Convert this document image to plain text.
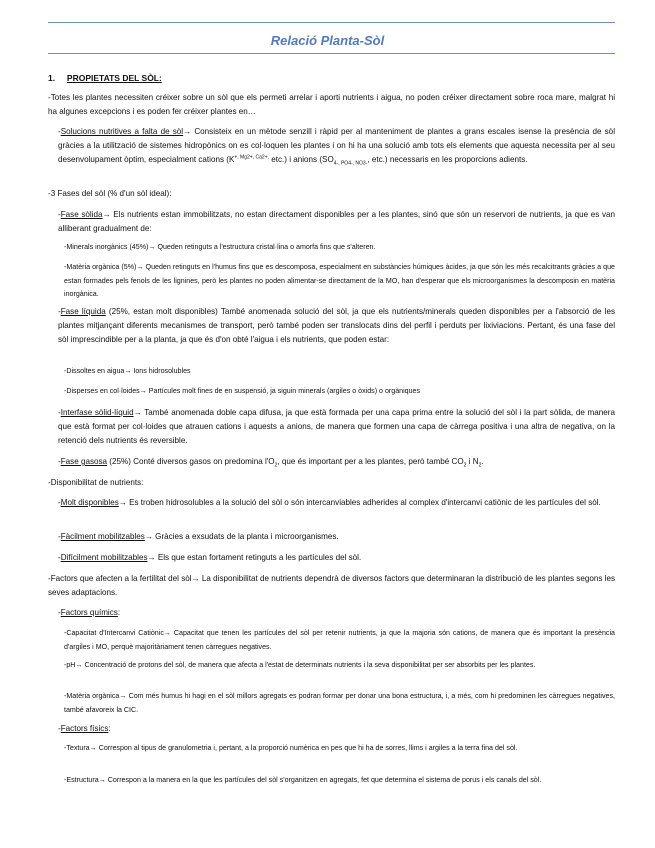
Relació Planta-Sòl
1. PROPIETATS DEL SÒL:
-Totes les plantes necessiten créixer sobre un sòl que els permeti arrelar i aporti nutrients i aigua, no poden créixer directament sobre roca mare, malgrat hi ha algunes excepcions i es poden fer créixer plantes en…
-Solucions nutritives a falta de sòl→ Consisteix en un mètode senzill i ràpid per al manteniment de plantes a grans escales isense la presència de sòl gràcies a la utilització de sistemes hidropònics on es col·loquen les plantes i on hi ha una solució amb tots els elements que aquesta necessita per al seu desenvolupament òptim, especialment cations ($K^{+, Mg2+, Ca2+,}$ etc.) i anions ($SO_{4-, PO4-, NO3-}$, etc.) necessaris en les proporcions adients.
-3 Fases del sòl (% d'un sòl ideal):
-Fase sòlida→ Els nutrients estan immobilitzats, no estan directament disponibles per a les plantes, sinó que són un reservori de nutrients, ja que es van alliberant gradualment de:
-Minerals inorgànics (45%)→ Queden retinguts a l'estructura cristal·lina o amorfa fins que s'alteren.
-Matèria orgànica (5%)→ Queden retinguts en l'humus fins que es descomposa, especialment en substàncies húmiques àcides, ja que són les més recalcitrants gràcies a que estan formades pels fenols de les lignines, però les plantes no poden alimentar-se directament de la MO, han d'esperar que els microorganismes la descomposin en matèria inorgànica.
-Fase líquida (25%, estan molt disponibles) També anomenada solució del sòl, ja que els nutrients/minerals queden disponibles per a l'absorció de les plantes mitjançant diferents mecanismes de transport, però també poden ser translocats dins del perfil i perduts per lixiviacions. Pertant, és una fase del sòl imprescindible per a la planta, ja que és d'on obté l'aigua i els nutrients, que poden estar:
-Dissoltes en aigua→ Ions hidrosolubles
-Disperses en col·loides→ Partícules molt fines de en suspensió, ja siguin minerals (argiles o òxids) o orgàniques
-Interfase sòlid-líquid→ També anomenada doble capa difusa, ja que està formada per una capa prima entre la solució del sòl i la part sòlida, de manera que està format per col·loides que atrauen cations i aquests a anions, de manera que formen una capa de càrrega positiva i una altra de negativa, on la retenció dels nutrients és reversible.
-Fase gasosa (25%) Conté diversos gasos on predomina $l'O_2$, que és important per a les plantes, però també $CO_2$ i $N_2$.
-Disponibilitat de nutrients:
-Molt disponibles→ Es troben hidrosolubles a la solució del sòl o són intercanviables adherides al complex d'intercanvi catiònic de les partícules del sòl.
-Fàcilment mobilitzables→ Gràcies a exsudats de la planta i microorganismes.
-Difícilment mobilitzables→ Els que estan fortament retinguts a les partícules del sòl.
-Factors que afecten a la fertilitat del sòl→ La disponibilitat de nutrients dependrà de diversos factors que determinaran la distribució de les plantes segons les seves adaptacions.
-Factors químics:
-Capacitat d'Intercanvi Catiònic→ Capacitat que tenen les partícules del sòl per retenir nutrients, ja que la majoria són cations, de manera que és important la presència d'argiles i MO, perquè majoritàriament tenen càrregues negatives.
-pH→ Concentració de protons del sòl, de manera que afecta a l'estat de determinats nutrients i la seva disponibilitat per ser absorbits per les plantes.
-Matèria orgànica→ Com més humus hi hagi en el sòl millors agregats es podran formar per donar una bona estructura, i, a més, com hi predominen les càrregues negatives, també afavoreix la CIC.
-Factors físics:
-Textura→ Correspon al tipus de granulometria i, pertant, a la proporció numèrica en pes que hi ha de sorres, llims i argiles a la terra fina del sòl.
-Estructura→ Correspon a la manera en la que les partícules del sòl s'organitzen en agregats, fet que determina el sistema de porus i els canals del sòl.
